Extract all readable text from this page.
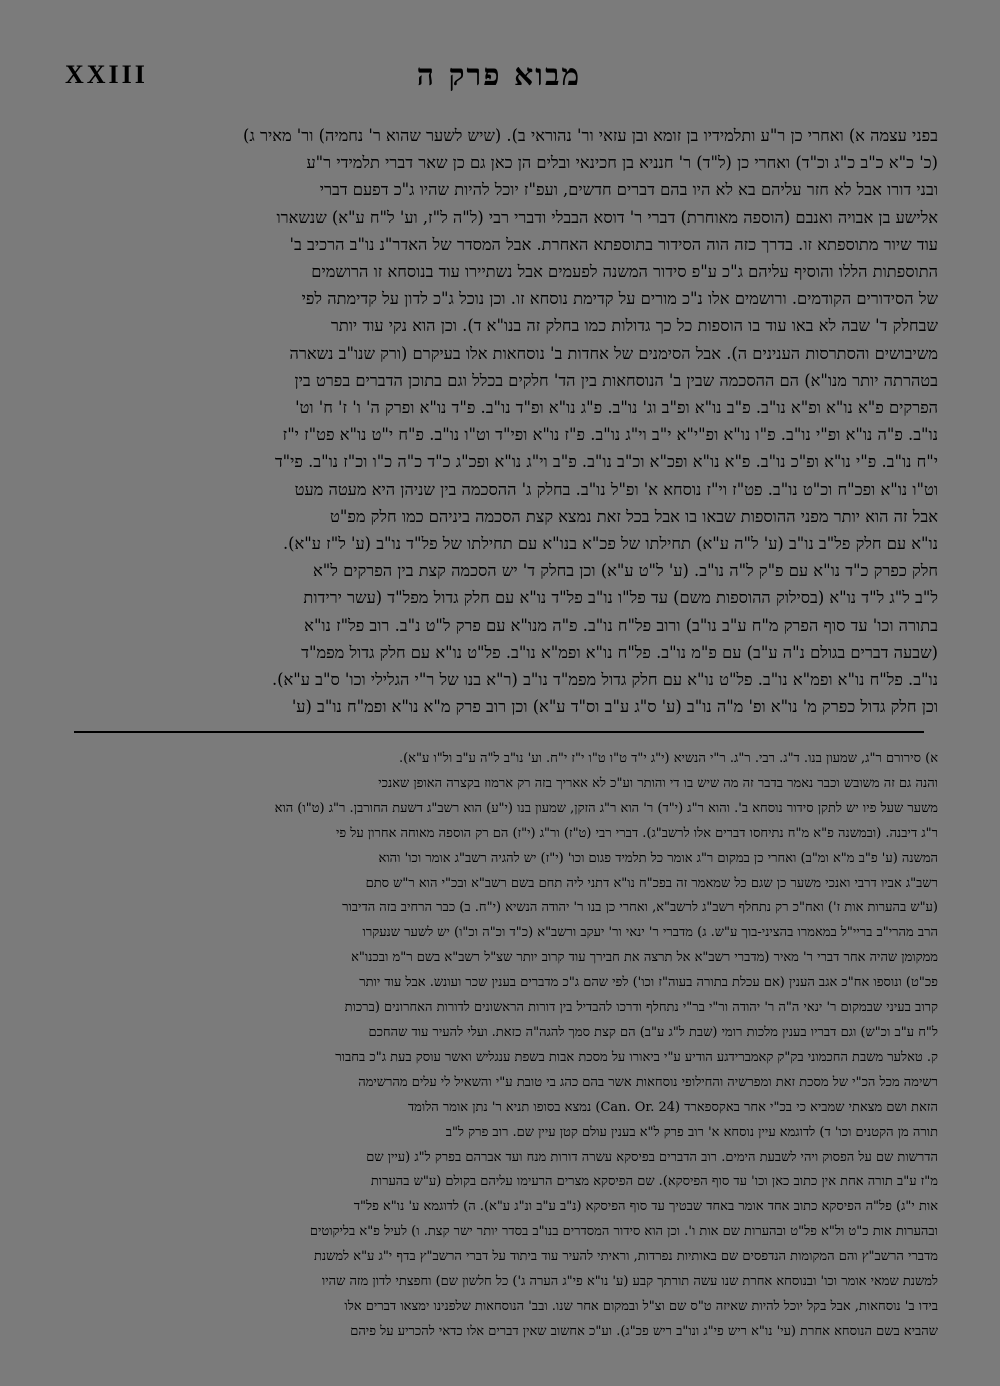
XXIII	מבוא פרק ה
בפני עצמה א) ואחרי כן ר"ע ותלמידיו בן זומא ובן עזאי ור' נהוראי ב). (שיש לשער שהוא ר' נחמיה) ור' מאיר ג)
(כ' כ"א כ"ב כ"ג וכ"ד) ואחרי כן (ל"ד) ר' חנניא בן חכינאי ובלים הן כאן גם כן שאר דברי תלמידי ר"ע
ובני דורו אבל לא חזר עליהם בא לא היו בהם דברים חדשים, ועפ"ז יוכל להיות שהיו ג"כ דפעם דברי
אלישע בן אבויה ואנבם (הוספה מאוחרת) דברי ר' דוסא הבבלי ודברי רבי (ל"ה ל"ז, וע' ל"ח ע"א) שנשארו
עוד שיור מתוספתא זו. בדרך כזה הוה הסידור בתוספתא האחרת. אבל המסדר של האדר"נ נו"ב הרכיב ב'
התוספתות הללו והוסיף עליהם ג"כ ע"פ סידור המשנה לפעמים אבל נשתיירו עוד בנוסחא זו הרושמים
של הסידורים הקודמים. ורושמים אלו נ"כ מורים על קדימת נוסחא זו. וכן נוכל ג"כ לדון על קדימתה לפי
שבחלק ד' שבה לא באו עוד בו הוספות כל כך גדולות כמו בחלק זה בנו"א ד). וכן הוא נקי עוד יותר
משיבושים והסתרסות הענינים ה). אבל הסימנים של אחדות ב' נוסחאות אלו בעיקרם (ורק שנו"ב נשארה
בטהרתה יותר מנו"א) הם ההסכמה שבין ב' הנוסחאות בין הד' חלקים בכלל וגם בתוכן הדברים בפרט בין
הפרקים פ"א נו"א ופ"א נו"ב. פ"ב נו"א ופ"ב וג' נו"ב. פ"ג נו"א ופ"ד נו"ב. פ"ד נו"א ופרק ה' ו' ז' ח' וט'
נו"ב. פ"ה נו"א ופ"י נו"ב. פ"ו נו"א ופ"י"א י"ב וי"ג נו"ב. פ"ז נו"א ופי"ד וט"ו נו"ב. פ"ח י"ט נו"א פט"ז י"ז
י"ח נו"ב. פ"י נו"א ופ"כ נו"ב. פ"א נו"א ופכ"א וכ"ב נו"ב. פ"ב וי"ג נו"א ופכ"ג כ"ד כ"ה כ"ו וכ"ז נו"ב. פי"ד
וט"ו נו"א ופכ"ח וכ"ט נו"ב. פט"ז וי"ז נוסחא א' ופ"ל נו"ב. בחלק ג' ההסכמה בין שניהן היא מעטה מעט
אבל זה הוא יותר מפני ההוספות שבאו בו אבל בכל זאת נמצא קצת הסכמה ביניהם כמו חלק מפ"ט
נו"א עם חלק פל"ב נו"ב (ע' ל"ה ע"א) תחילתו של פכ"א בנו"א עם תחילתו של פל"ד נו"ב (ע' ל"ז ע"א).
חלק כפרק כ"ד נו"א עם פ"ק ל"ה נו"ב. (ע' ל"ט ע"א) וכן בחלק ד' יש הסכמה קצת בין הפרקים ל"א
ל"ב ל"ג ל"ד נו"א (בסילוק ההוספות משם) עד פל"ו נו"ב פל"ד נו"א עם חלק גדול מפל"ד (עשר ירידות
בתורה וכו' עד סוף הפרק מ"ח ע"ב נו"ב) ורוב פל"ח נו"ב. פ"ה מנו"א עם פרק ל"ט נ"ב. רוב פל"ז נו"א
(שבעה דברים בגולם נ"ה ע"ב) עם פ"מ נו"ב. פל"ח נו"א ופמ"א נו"ב. פל"ט נו"א עם חלק גדול מפמ"ד
נו"ב. פל"ח נו"א ופמ"א נו"ב. פל"ט נו"א עם חלק גדול מפמ"ד נו"ב (ר"א בנו של ר"י הגלילי וכו' ס"ב ע"א).
וכן חלק גדול כפרק מ' נו"א ופ' מ"ה נו"ב (ע' ס"ג ע"ב וס"ד ע"א) וכן רוב פרק מ"א נו"א ופמ"ח נו"ב (ע'
א) סירורם ר"ג, שמעון בנו. ד"ג. רבי. ר"ג. ר"י הנשיא (י"ג י"ד ט"ו ט"ו י"ז י"ח. וע' נו"ב ל"ה ע"ב ול"ו ע"א).
והנה גם זה משובש וכבר נאמר בדבר זה מה שיש בו די והותר וע"כ לא אאריך בזה רק ארמוז בקצרה האופן שאנכי
משער שעל פיו יש לתקן סידור נוסחא ב'. והוא ר"ג (י"ד) ר' הוא ר"ג הזקן, שמעון בנו (י"ע) הוא רשב"ג דשעת החורבן. ר"ג (ט"ו) הוא
ר"ג דיבנה. (ובמשנה פ"א מ"ח נתיחסו דברים אלו לרשב"ג). דברי רבי (ט"ז) ור"ג (י"ז) הם רק הוספה מאוחה אחרון על פי
המשנה (ע' פ"ב מ"א ומ"ב) ואחרי כן במקום ר"ג אומר כל תלמיד פגום וכו' (י"ז) יש להגיה רשב"ג אומר וכו' והוא
רשב"ג אביו דרבי ואנכי משער כן שגם כל שמאמר זה בפכ"ח נו"א דתני ליה תחם בשם רשב"א ובכ"י הוא ר"ש סתם
(ע"ש בהערות אות ז') ואח"כ רק נתחלף רשב"ג לרשב"א, ואחרי כן בנו ר' יהודה הנשיא (י"ח. ב) כבר הרחיב בזה הדיבור
הרב מהרי"ב בריי"ל במאמרו בהציני-בוך ע"ש. ג) מדברי ר' ינאי ור' יעקב ורשב"א (כ"ד וכ"ה וכ"ו) יש לשער שנעקרו
ממקומן שהיה אחר דברי ר' מאיר (מדברי רשב"א אל תרצה את חבירך עוד קרוב יותר שצ"ל רשב"א בשם ר"מ ובכנו"א
פכ"ט) ונוספו אח"כ אגב הענין (אם עכלת בתורה בעוה"ז וכו') לפי שהם ג"כ מדברים בענין שכר ועונש. אבל עוד יותר
קרוב בעיני שבמקום ר' ינאי ה"ה ר' יהודה ור"י בר"י נתחלף ודרכו להבדיל בין דורות הראשונים לדורות האחרונים (ברכות
ל"ח ע"ב וכ"ש) וגם דבריו בענין מלכות רומי (שבת ל"ג ע"ב) הם קצת סמך להגה"ה כזאת. ועלי להעיר עוד שהחכם
ק. טאלער משבת החכמוני בק"ק קאמברידגע הודיע ע"י ביאורו על מסכת אבות בשפת ענגליש ואשר עוסק בעת ג"כ בחבור
רשימה מכל הכ"י של מסכת זאת ומפרשיה והחילופי נוסחאות אשר בהם כהג בי טובת ע"י והשאיל לי עלים מהרשימה
הזאת ושם מצאתי שמביא כי בכ"י אחר באקספארד (Can. Or. 24) נמצא בסופו תניא ר' נתן אומר הלומד
תורה מן הקטנים וכו' ד) לדוגמא עיין נוסחא א' רוב פרק ל"א בענין עולם קטן עיין שם. רוב פרק ל"ב
הדרשות שם על הפסוק ויהי לשבעת הימים. רוב הדברים בפיסקא עשרה דורות מנח ועד אברהם בפרק ל"ג (עיין שם
מ"ז ע"ב תורה אחת אין כתוב כאן וכו' עד סוף הפיסקא). שם הפיסקא מצרים הרעימו עליהם בקולם (ע"ש בהערות
אות י"ג) פל"ה הפיסקא כתוב אחד אומר באחד שבטיך עד סוף הפיסקא (נ"ב ע"ב ונ"ג ע"א). ה) לדוגמא ע' נו"א פל"ד
ובהערות אות כ"ט ול"א פל"ט ובהערות שם אות ו'. וכן הוא סידור המסדרים בנו"ב בסדר יותר ישר קצת. ו) לעיל פ"א בליקוטים
מדברי הרשב"ץ והם המקומות הנדפסים שם באותיות נפרדות, וראיתי להעיר עוד ביתוד על דברי הרשב"ץ בדף י"ג ע"א למשנת
למשנת שמאי אומר וכו' ובנוסחא אחרת שנו עשה תורתך קבע (ע' נו"א פי"ג הערה ג') כל חלשון שם) וחפצתי לדון מזה שהיו
בידו ב' נוסחאות, אבל בקל יוכל להיות שאיזה ט"ס שם וצ"ל ובמקום אחר שנו. ובב' הנוסחאות שלפנינו ימצאו דברים אלו
שהביא בשם הנוסחא אחרת (עי' נו"א ריש פי"ג ונו"ב ריש פכ"ג). וע"כ אחשוב שאין דברים אלו כדאי להכריע על פיהם
